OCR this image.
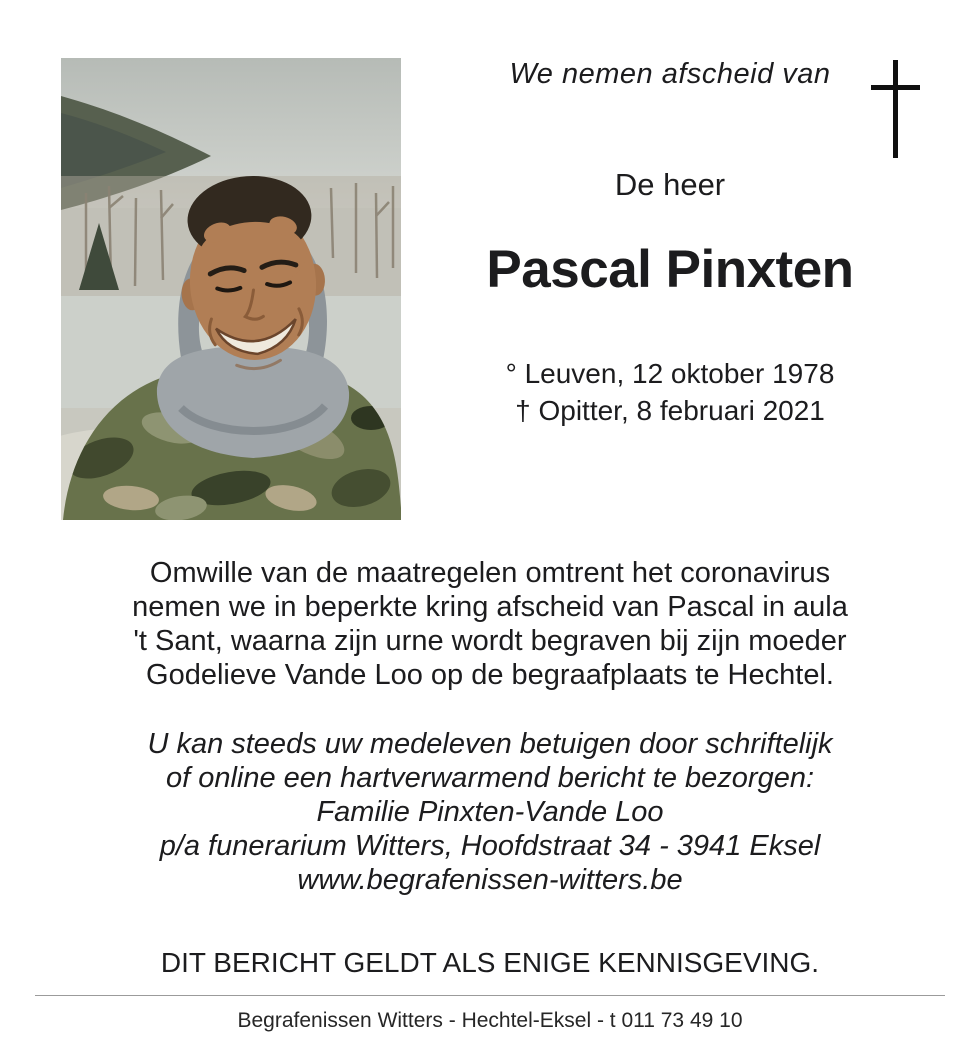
We nemen afscheid van
De heer
Pascal Pinxten
° Leuven, 12 oktober 1978
† Opitter, 8 februari 2021
Omwille van de maatregelen omtrent het coronavirus
nemen we in beperkte kring afscheid van Pascal in aula
't Sant, waarna zijn urne wordt begraven bij zijn moeder
Godelieve Vande Loo op de begraafplaats te Hechtel.
U kan steeds uw medeleven betuigen door schriftelijk
of online een hartverwarmend bericht te bezorgen:
Familie Pinxten-Vande Loo
p/a funerarium Witters, Hoofdstraat 34 - 3941 Eksel
www.begrafenissen-witters.be
DIT BERICHT GELDT ALS ENIGE KENNISGEVING.
Begrafenissen Witters - Hechtel-Eksel - t 011 73 49 10
